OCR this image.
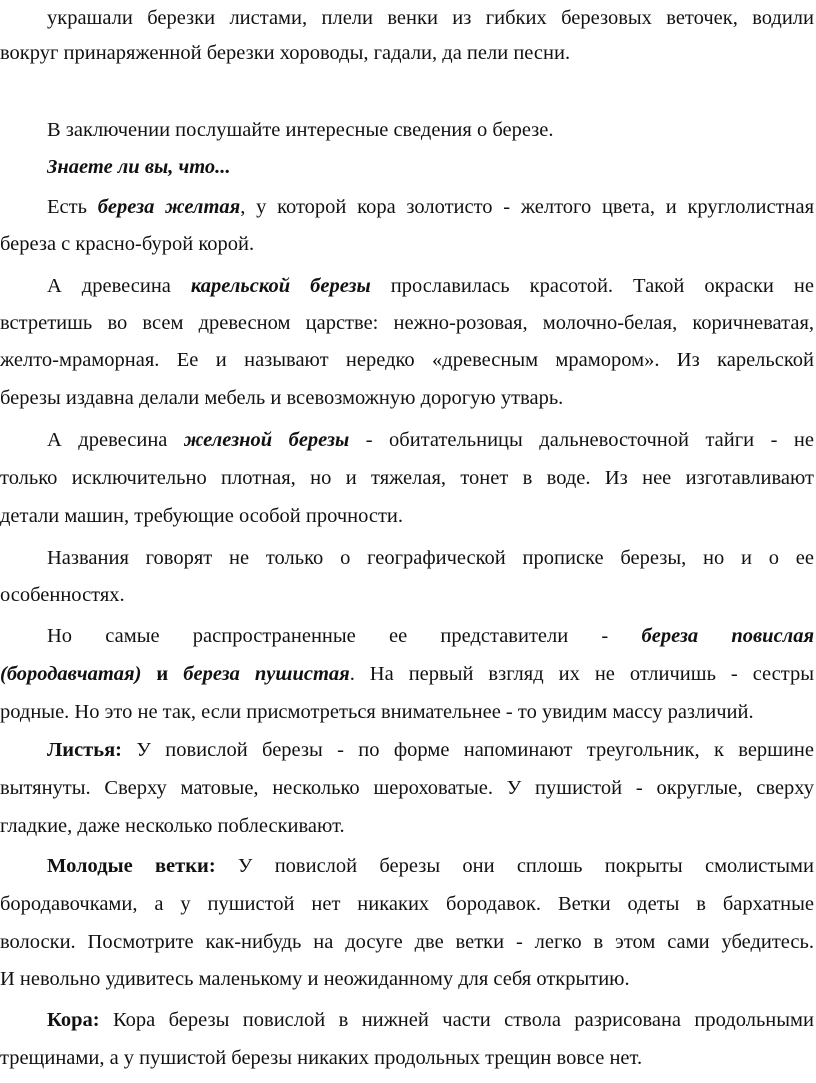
украшали березки листами, плели венки из гибких березовых веточек, водили
вокруг принаряженной березки хороводы, гадали, да пели песни.
В заключении послушайте интересные сведения о березе.
Знаете ли вы, что...
Есть береза желтая, у которой кора золотисто - желтого цвета, и круглолистная
береза с красно-бурой корой.
А древесина карельской березы прославилась красотой. Такой окраски не
встретишь во всем древесном царстве: нежно-розовая, молочно-белая, коричневатая,
желто-мраморная. Ее и называют нередко «древесным мрамором». Из карельской
березы издавна делали мебель и всевозможную дорогую утварь.
А древесина железной березы - обитательницы дальневосточной тайги - не
только исключительно плотная, но и тяжелая, тонет в воде. Из нее изготавливают
детали машин, требующие особой прочности.
Названия говорят не только о географической прописке березы, но и о ее
особенностях.
Но самые распространенные ее представители - береза повислая
(бородавчатая) и береза пушистая. На первый взгляд их не отличишь - сестры
родные. Но это не так, если присмотреться внимательнее - то увидим массу различий.
Листья: У повислой березы - по форме напоминают треугольник, к вершине
вытянуты. Сверху матовые, несколько шероховатые. У пушистой - округлые, сверху
гладкие, даже несколько поблескивают.
Молодые ветки: У повислой березы они сплошь покрыты смолистыми
бородавочками, а у пушистой нет никаких бородавок. Ветки одеты в бархатные
волоски. Посмотрите как-нибудь на досуге две ветки - легко в этом сами убедитесь.
И невольно удивитесь маленькому и неожиданному для себя открытию.
Кора: Кора березы повислой в нижней части ствола разрисована продольными
трещинами, а у пушистой березы никаких продольных трещин вовсе нет.
